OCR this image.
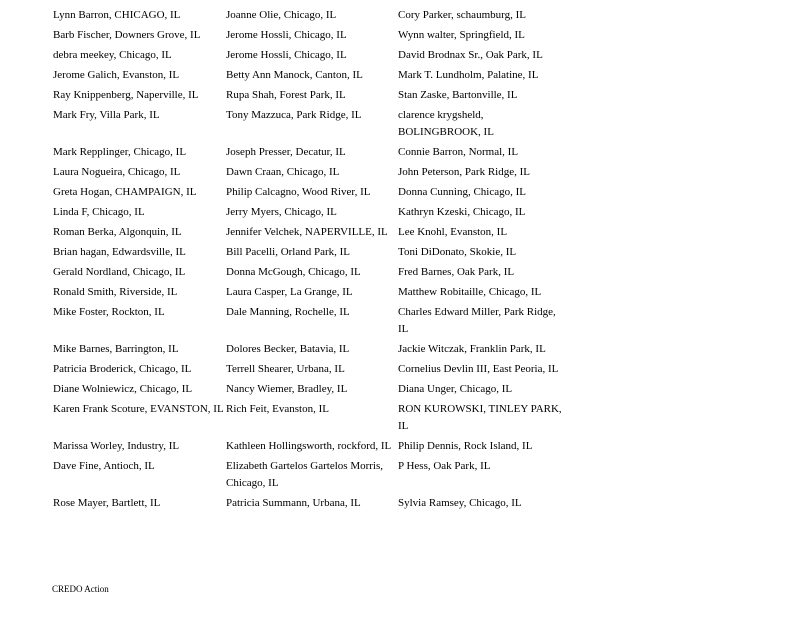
Lynn Barron, CHICAGO, IL	Joanne Olie, Chicago, IL	Cory Parker, schaumburg, IL
Barb Fischer, Downers Grove, IL	Jerome Hossli, Chicago, IL	Wynn walter, Springfield, IL
debra meekey, Chicago, IL	Jerome Hossli, Chicago, IL	David Brodnax Sr., Oak Park, IL
Jerome Galich, Evanston, IL	Betty Ann Manock, Canton, IL	Mark T. Lundholm, Palatine, IL
Ray Knippenberg, Naperville, IL	Rupa Shah, Forest Park, IL	Stan Zaske, Bartonville, IL
Mark Fry, Villa Park, IL	Tony Mazzuca, Park Ridge, IL	clarence krygsheld, BOLINGBROOK, IL
Mark Repplinger, Chicago, IL	Joseph Presser, Decatur, IL	Connie Barron, Normal, IL
Laura Nogueira, Chicago, IL	Dawn Craan, Chicago, IL	John Peterson, Park Ridge, IL
Greta Hogan, CHAMPAIGN, IL	Philip Calcagno, Wood River, IL	Donna Cunning, Chicago, IL
Linda F, Chicago, IL	Jerry Myers, Chicago, IL	Kathryn Kzeski, Chicago, IL
Roman Berka, Algonquin, IL	Jennifer Velchek, NAPERVILLE, IL	Lee Knohl, Evanston, IL
Brian hagan, Edwardsville, IL	Bill Pacelli, Orland Park, IL	Toni DiDonato, Skokie, IL
Gerald Nordland, Chicago, IL	Donna McGough, Chicago, IL	Fred Barnes, Oak Park, IL
Ronald Smith, Riverside, IL	Laura Casper, La Grange, IL	Matthew Robitaille, Chicago, IL
Mike Foster, Rockton, IL	Dale Manning, Rochelle, IL	Charles Edward Miller, Park Ridge, IL
Mike Barnes, Barrington, IL	Dolores Becker, Batavia, IL	Jackie Witczak, Franklin Park, IL
Patricia Broderick, Chicago, IL	Terrell Shearer, Urbana, IL	Cornelius Devlin III, East Peoria, IL
Diane Wolniewicz, Chicago, IL	Nancy Wiemer, Bradley, IL	Diana Unger, Chicago, IL
Karen Frank Scoture, EVANSTON, IL	Rich Feit, Evanston, IL	RON KUROWSKI, TINLEY PARK, IL
Marissa Worley, Industry, IL	Kathleen Hollingsworth, rockford, IL	Philip Dennis, Rock Island, IL
Dave Fine, Antioch, IL	Elizabeth Gartelos Gartelos Morris, Chicago, IL	P Hess, Oak Park, IL
Rose Mayer, Bartlett, IL	Patricia Summann, Urbana, IL	Sylvia Ramsey, Chicago, IL
CREDO Action
